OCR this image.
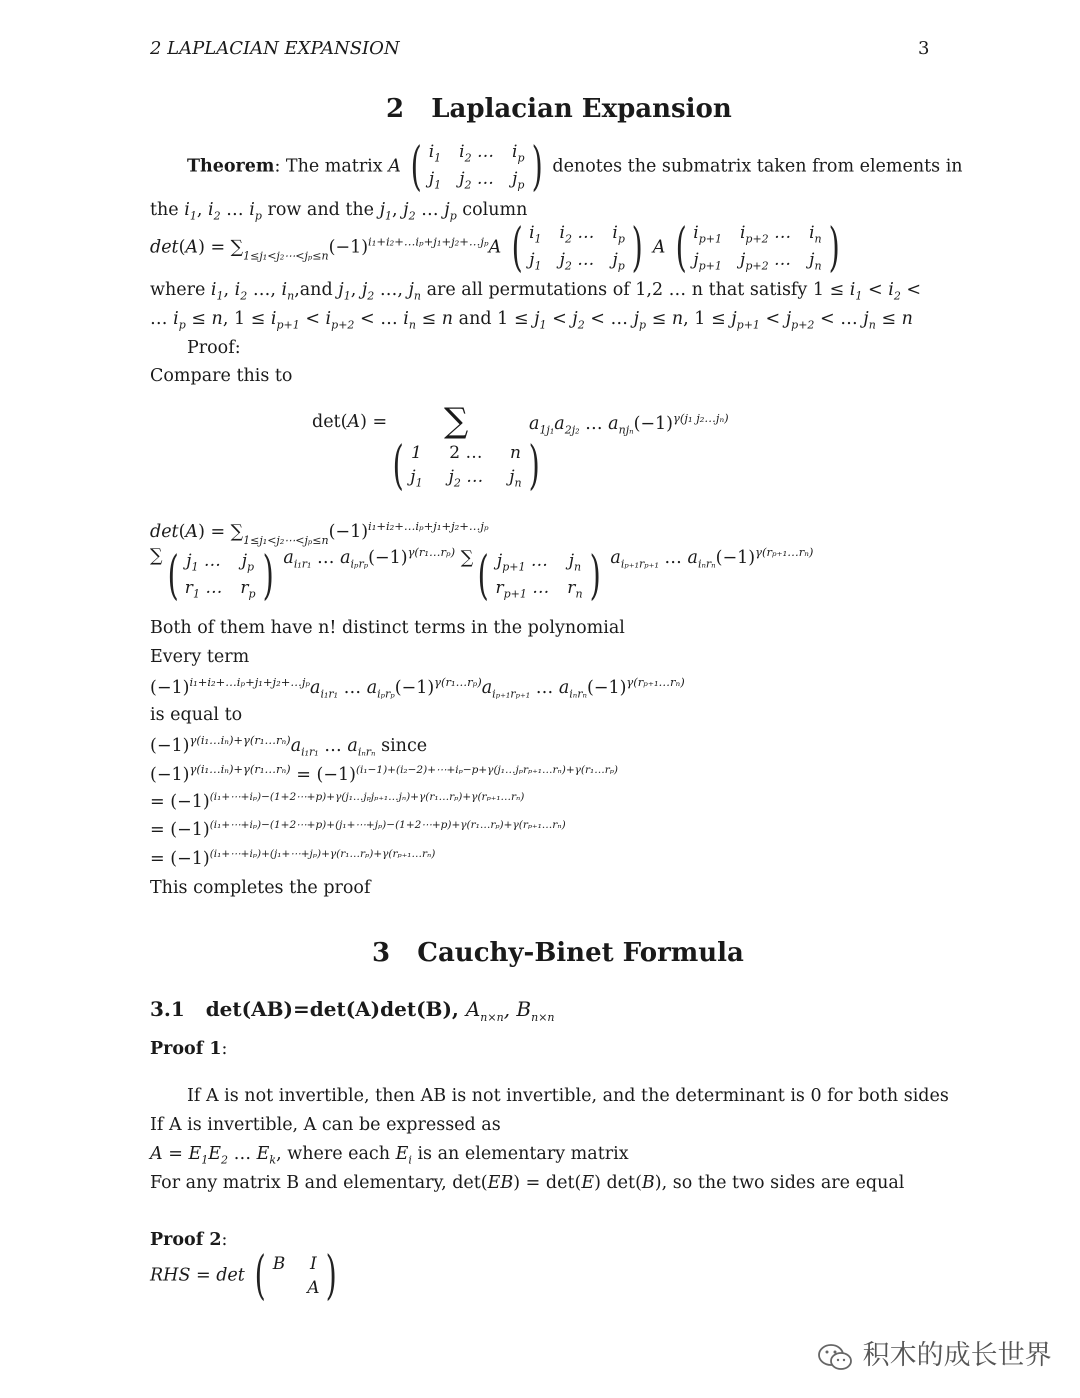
2 LAPLACIAN EXPANSION	3
2 Laplacian Expansion
Theorem: The matrix A ( $i_1$ $i_2$ … $i_p$
$j_1$ $j_2$ … $j_p$ ) denotes the submatrix taken from elements in
the $i_1$, $i_2$ … $i_p$ row and the $j_1$, $j_2$ … $j_p$ column
$\det(A) = \sum_{1\le j_1<j_2\cdots<j_p\le n}(-1)^{i_1+i_2+\dots i_p+j_1+j_2+\dots j_p}A$ ( $i_1$ $i_2$ … $i_p$
$j_1$ $j_2$ … $j_p$ ) A ( $i_{p+1}$ $i_{p+2}$ … $i_n$
$j_{p+1}$ $j_{p+2}$ … $j_n$ )
where $i_1$, $i_2$ …, $i_n,and$ $j_1$, $j_2$ …, $j_n$ are all permutations of 1,2 … n that satisfy $1 \le i_1 < i_2$ <
… $i_p \le n$, $1 \le i_{p+1} < i_{p+2}$ < … $i_n \le n$ and $1 \le j_1 < j_2$ < … $j_p \le n$, $1 \le j_{p+1} < j_{p+2}$ < … $j_n \le n$
Proof:
Compare this to
det(A) = ∑	$a_{1j_1}a_{2j_2}$ … $a_{nj_n}(-1)^{\gamma(j_1 j_2\dots j_n)}$
( 1 2 … n
$j_1$ $j_2$ … $j_n$ )
$\det(A) = \sum_{1\le j_1<j_2\cdots<j_p\le n}(-1)^{i_1+i_2+\dots i_p+j_1+j_2+\dots j_p}$
∑ ( $j_1$ … $j_p$
$r_1$ … $r_p$ ) $a_{i_1r_1}$ … $a_{i_pr_p}(-1)^{\gamma(r_1\dots r_p)}$ ∑ ( $j_{p+1}$ … $j_n$
$r_{p+1}$ … $r_n$ ) $a_{i_{p+1}r_{p+1}}$ … $a_{i_nr_n}(-1)^{\gamma(r_{p+1}\dots r_n)}$
Both of them have n! distinct terms in the polynomial
Every term
$(-1)^{i_1+i_2+\dots i_p+j_1+j_2+\dots j_p}a_{i_1r_1}$ … $a_{i_pr_p}(-1)^{\gamma(r_1\dots r_p)}a_{i_{p+1}r_{p+1}}$ … $a_{i_nr_n}(-1)^{\gamma(r_{p+1}\dots r_n)}$
is equal to
$(-1)^{\gamma(i_1\dots i_n)+\gamma(r_1\dots r_n)}a_{i_1r_1}$ … $a_{i_nr_n}$ since
$(-1)^{\gamma(i_1\dots i_n)+\gamma(r_1\dots r_n)} = (-1)^{(i_1-1)+(i_2-2)+\cdots+i_p-p+\gamma(j_1\dots j_pr_{p+1}\dots r_n)+\gamma(r_1\dots r_p)}$
= $(-1)^{(i_1+\cdots+i_p)-(1+2\cdots+p)+\gamma(j_1\dots j_pj_{p+1}\dots j_n)+\gamma(r_1\dots r_p)+\gamma(r_{p+1}\dots r_n)}$
= $(-1)^{(i_1+\cdots+i_p)-(1+2\cdots+p)+(j_1+\cdots+j_p)-(1+2\cdots+p)+\gamma(r_1\dots r_p)+\gamma(r_{p+1}\dots r_n)}$
= $(-1)^{(i_1+\cdots+i_p)+(j_1+\cdots+j_p)+\gamma(r_1\dots r_p)+\gamma(r_{p+1}\dots r_n)}$
This completes the proof
3 Cauchy-Binet Formula
3.1 det(AB)=det(A)det(B), $A_{n\times n}$, $B_{n\times n}$
Proof 1:
If A is not invertible, then AB is not invertible, and the determinant is 0 for both sides
If A is invertible, A can be expressed as
$A = E_1E_2$ … $E_k$, where each $E_i$ is an elementary matrix
For any matrix B and elementary, det(EB) = det(E) det(B), so the two sides are equal
Proof 2:
RHS = det ( B I
A )
积木的成长世界
